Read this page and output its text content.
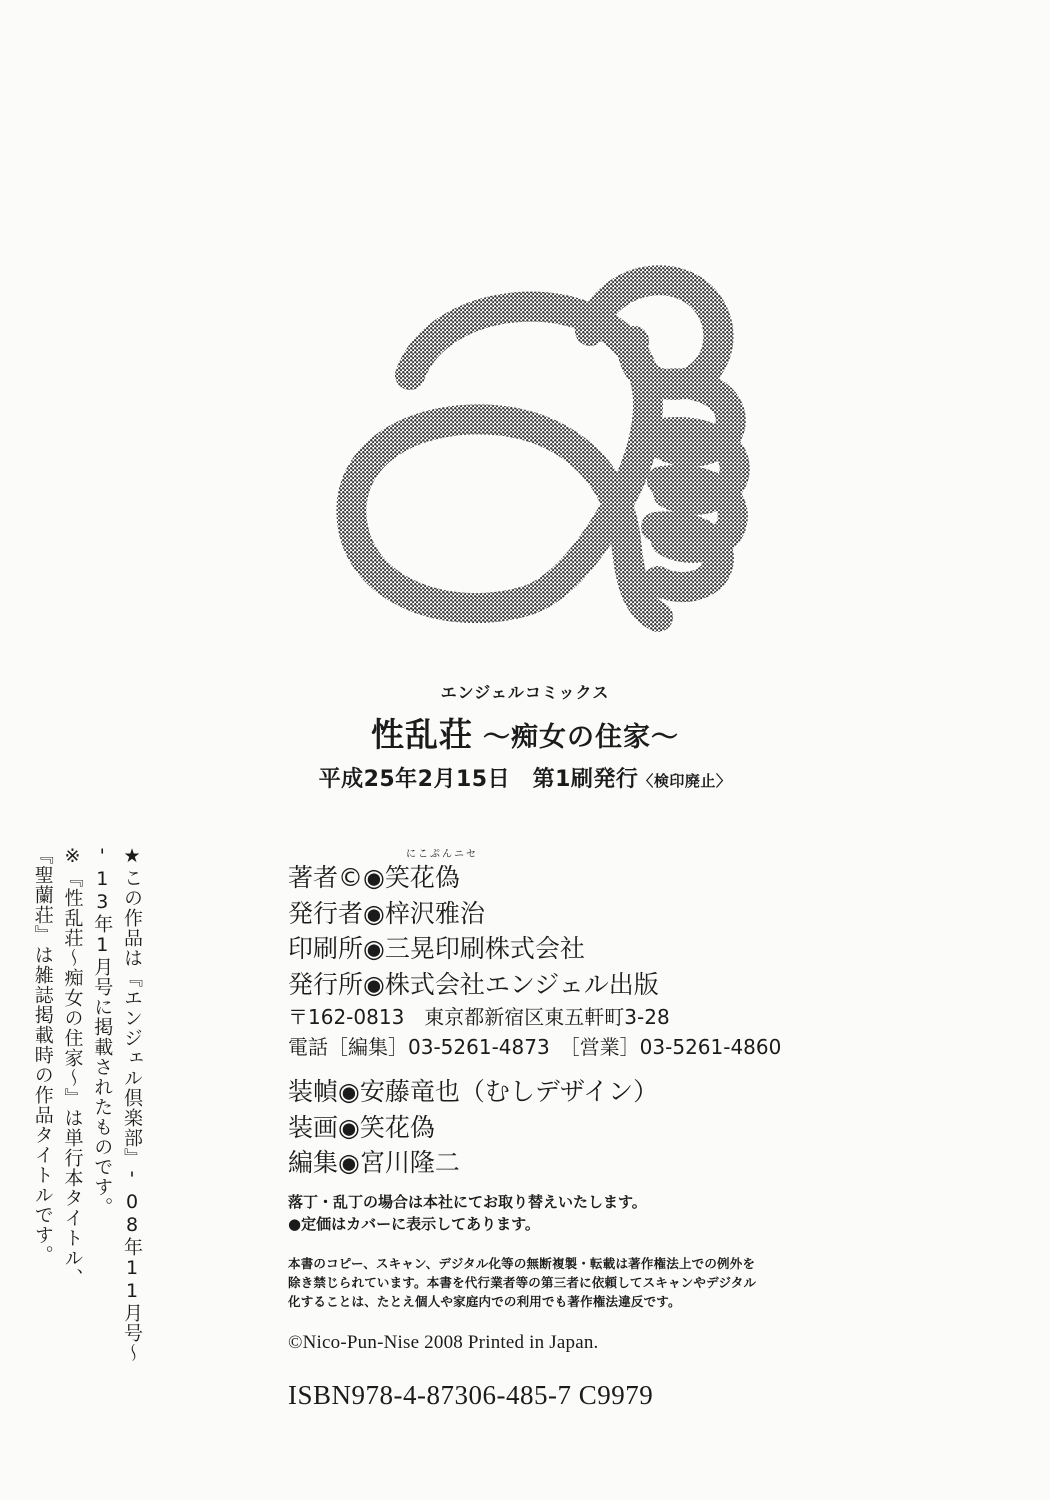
エンジェルコミックス
性乱荘 〜痴女の住家〜
平成25年2月15日　第1刷発行〈検印廃止〉
にこぷんニセ
著者©◉笑花偽
発行者◉梓沢雅治
印刷所◉三晃印刷株式会社
発行所◉株式会社エンジェル出版
〒162-0813　東京都新宿区東五軒町3-28
電話［編集］03-5261-4873　［営業］03-5261-4860
装幀◉安藤竜也（むしデザイン）
装画◉笑花偽
編集◉宮川隆二
落丁・乱丁の場合は本社にてお取り替えいたします。
●定価はカバーに表示してあります。
本書のコピー、スキャン、デジタル化等の無断複製・転載は著作権法上での例外を除き禁じられています。本書を代行業者等の第三者に依頼してスキャンやデジタル化することは、たとえ個人や家庭内での利用でも著作権法違反です。
©Nico-Pun-Nise 2008 Printed in Japan.
ISBN978-4-87306-485-7 C9979
★この作品は『エンジェル倶楽部』'08年11月号〜
'13年1月号に掲載されたものです。
※『性乱荘〜痴女の住家〜』は単行本タイトル、
『聖蘭荘』は雑誌掲載時の作品タイトルです。
